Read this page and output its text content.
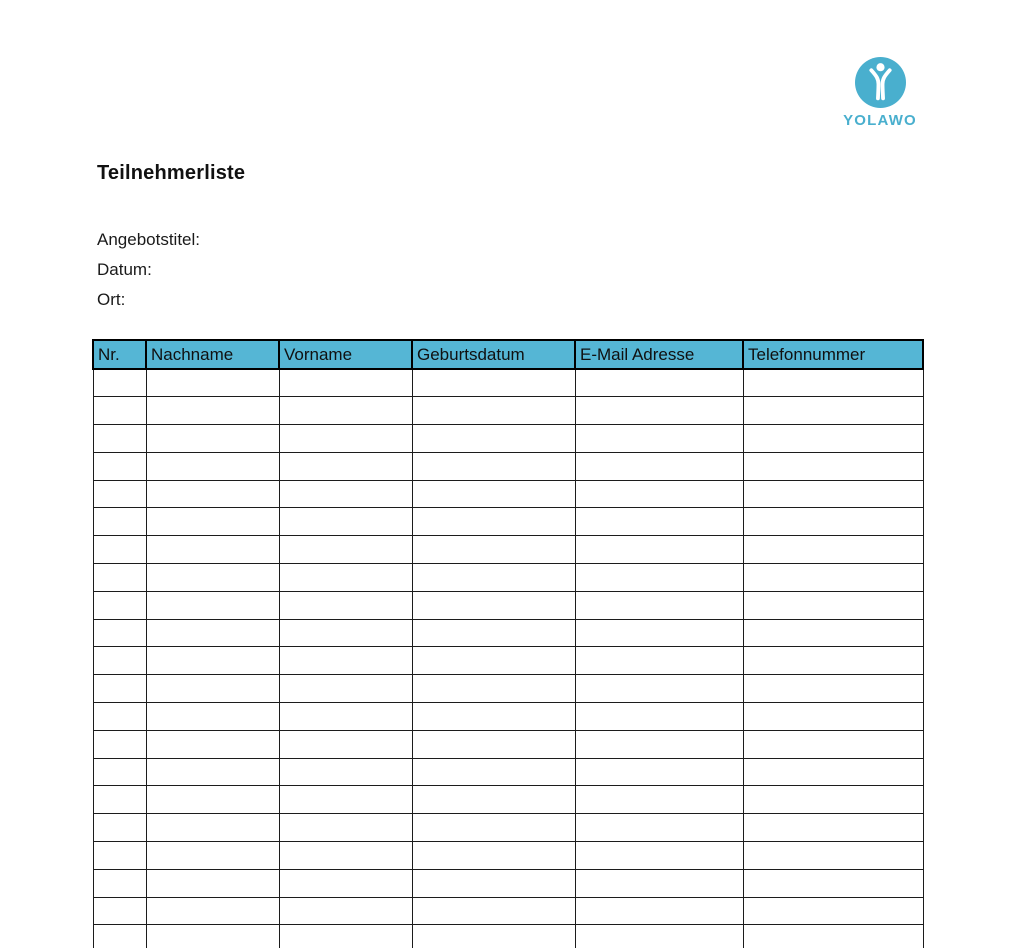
YOLAWO
Teilnehmerliste
Angebotstitel:
Datum:
Ort:
Nr.	Nachname	Vorname	Geburtsdatum	E-Mail Adresse	Telefonnummer
